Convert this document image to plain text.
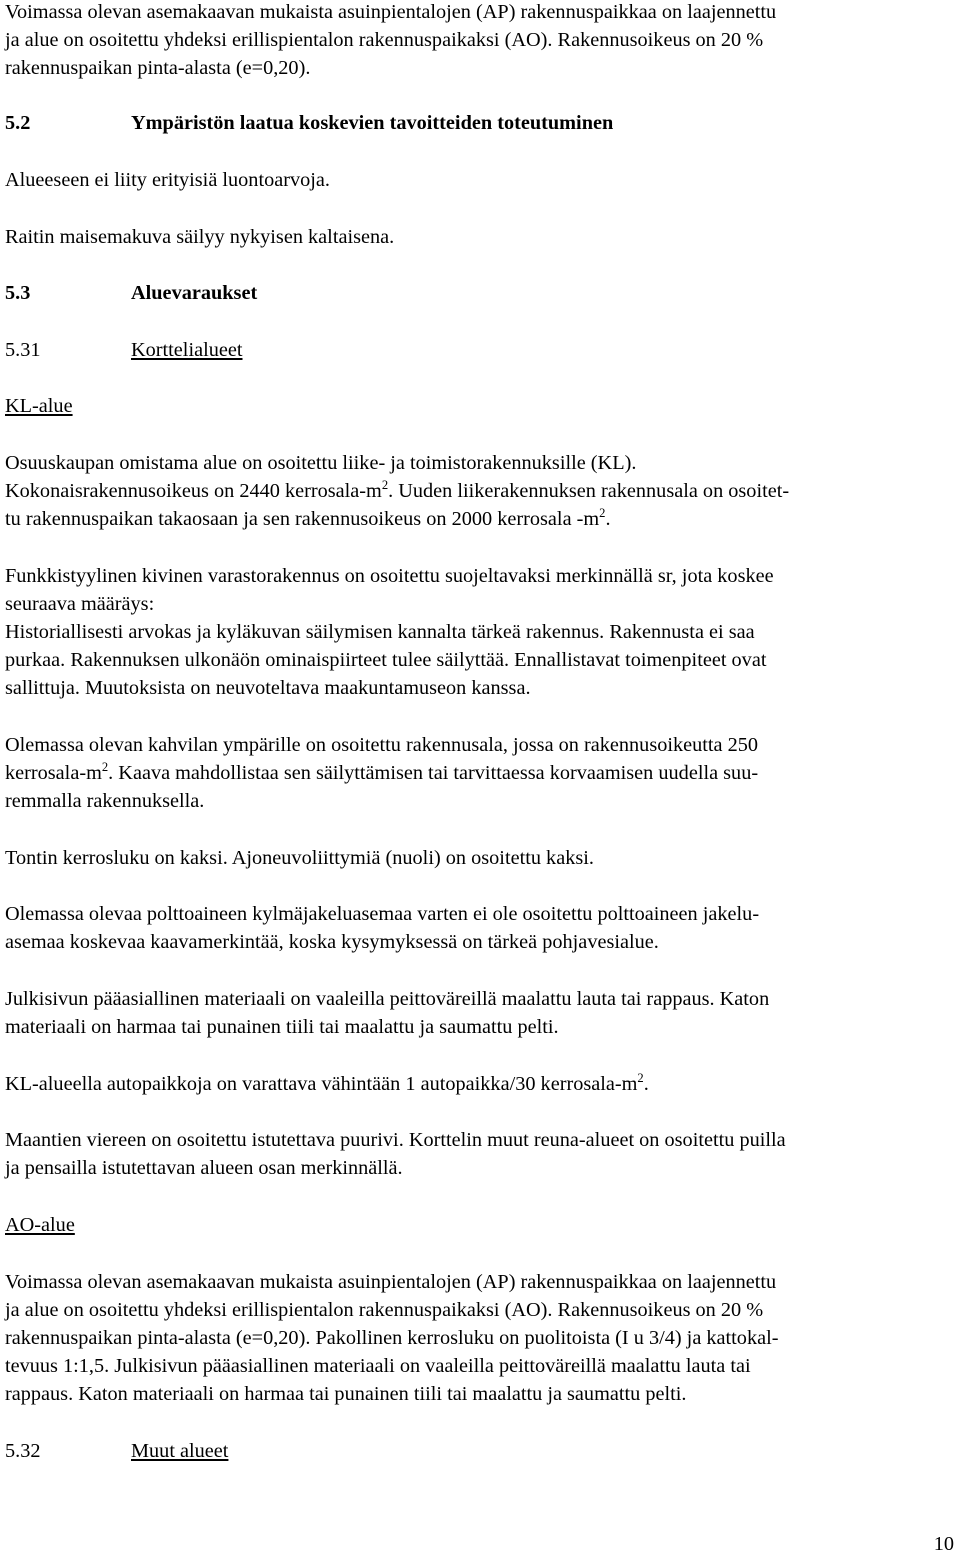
Voimassa olevan asemakaavan mukaista asuinpientalojen (AP) rakennuspaikkaa on laajennettu

ja alue on osoitettu yhdeksi erillispientalon rakennuspaikaksi (AO). Rakennusoikeus on 20 %

rakennuspaikan pinta-alasta (e=0,20).

5.2	Ympäristön laatua koskevien tavoitteiden toteutuminen

Alueeseen ei liity erityisiä luontoarvoja.

Raitin maisemakuva säilyy nykyisen kaltaisena.

5.3	Aluevaraukset

5.31	Korttelialueet

KL-alue

Osuuskaupan omistama alue on osoitettu liike- ja toimistorakennuksille (KL).

Kokonaisrakennusoikeus on 2440 kerrosala-$m^2$. Uuden liikerakennuksen rakennusala on osoitet-

tu rakennuspaikan takaosaan ja sen rakennusoikeus on 2000 kerrosala $-m^2$.

Funkkistyylinen kivinen varastorakennus on osoitettu suojeltavaksi merkinnällä sr, jota koskee

seuraava määräys:

Historiallisesti arvokas ja kyläkuvan säilymisen kannalta tärkeä rakennus. Rakennusta ei saa

purkaa. Rakennuksen ulkonäön ominaispiirteet tulee säilyttää. Ennallistavat toimenpiteet ovat

sallittuja. Muutoksista on neuvoteltava maakuntamuseon kanssa.

Olemassa olevan kahvilan ympärille on osoitettu rakennusala, jossa on rakennusoikeutta 250

kerrosala-$m^2$. Kaava mahdollistaa sen säilyttämisen tai tarvittaessa korvaamisen uudella suu-

remmalla rakennuksella.

Tontin kerrosluku on kaksi. Ajoneuvoliittymiä (nuoli) on osoitettu kaksi.

Olemassa olevaa polttoaineen kylmäjakeluasemaa varten ei ole osoitettu polttoaineen jakelu-

asemaa koskevaa kaavamerkintää, koska kysymyksessä on tärkeä pohjavesialue.

Julkisivun pääasiallinen materiaali on vaaleilla peittoväreillä maalattu lauta tai rappaus. Katon

materiaali on harmaa tai punainen tiili tai maalattu ja saumattu pelti.

KL-alueella autopaikkoja on varattava vähintään 1 autopaikka/30 kerrosala-$m^2$.

Maantien viereen on osoitettu istutettava puurivi. Korttelin muut reuna-alueet on osoitettu puilla

ja pensailla istutettavan alueen osan merkinnällä.

AO-alue

Voimassa olevan asemakaavan mukaista asuinpientalojen (AP) rakennuspaikkaa on laajennettu

ja alue on osoitettu yhdeksi erillispientalon rakennuspaikaksi (AO). Rakennusoikeus on 20 %

rakennuspaikan pinta-alasta (e=0,20). Pakollinen kerrosluku on puolitoista (I u 3/4) ja kattokal-

tevuus 1:1,5. Julkisivun pääasiallinen materiaali on vaaleilla peittoväreillä maalattu lauta tai

rappaus. Katon materiaali on harmaa tai punainen tiili tai maalattu ja saumattu pelti.

5.32	Muut alueet

10
